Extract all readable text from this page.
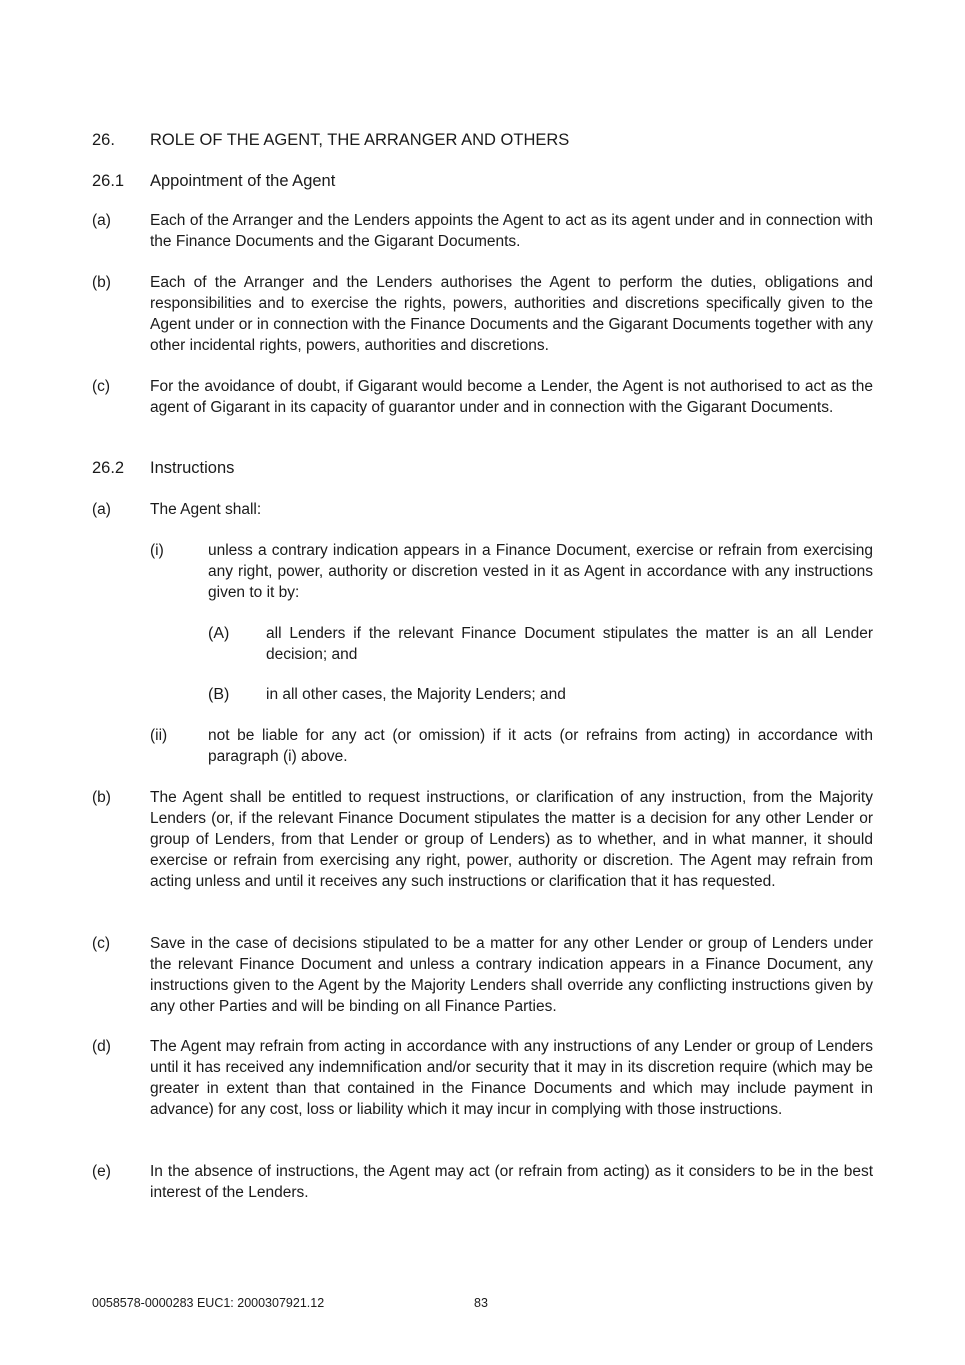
26. ROLE OF THE AGENT, THE ARRANGER AND OTHERS
26.1 Appointment of the Agent
(a)	Each of the Arranger and the Lenders appoints the Agent to act as its agent under and in connection with the Finance Documents and the Gigarant Documents.
(b)	Each of the Arranger and the Lenders authorises the Agent to perform the duties, obligations and responsibilities and to exercise the rights, powers, authorities and discretions specifically given to the Agent under or in connection with the Finance Documents and the Gigarant Documents together with any other incidental rights, powers, authorities and discretions.
(c)	For the avoidance of doubt, if Gigarant would become a Lender, the Agent is not authorised to act as the agent of Gigarant in its capacity of guarantor under and in connection with the Gigarant Documents.
26.2 Instructions
(a)	The Agent shall:
(i)	unless a contrary indication appears in a Finance Document, exercise or refrain from exercising any right, power, authority or discretion vested in it as Agent in accordance with any instructions given to it by:
(A) all Lenders if the relevant Finance Document stipulates the matter is an all Lender decision; and
(B) in all other cases, the Majority Lenders; and
(ii)	not be liable for any act (or omission) if it acts (or refrains from acting) in accordance with paragraph (i) above.
(b)	The Agent shall be entitled to request instructions, or clarification of any instruction, from the Majority Lenders (or, if the relevant Finance Document stipulates the matter is a decision for any other Lender or group of Lenders, from that Lender or group of Lenders) as to whether, and in what manner, it should exercise or refrain from exercising any right, power, authority or discretion. The Agent may refrain from acting unless and until it receives any such instructions or clarification that it has requested.
(c)	Save in the case of decisions stipulated to be a matter for any other Lender or group of Lenders under the relevant Finance Document and unless a contrary indication appears in a Finance Document, any instructions given to the Agent by the Majority Lenders shall override any conflicting instructions given by any other Parties and will be binding on all Finance Parties.
(d)	The Agent may refrain from acting in accordance with any instructions of any Lender or group of Lenders until it has received any indemnification and/or security that it may in its discretion require (which may be greater in extent than that contained in the Finance Documents and which may include payment in advance) for any cost, loss or liability which it may incur in complying with those instructions.
(e)	In the absence of instructions, the Agent may act (or refrain from acting) as it considers to be in the best interest of the Lenders.
0058578-0000283 EUC1: 2000307921.12	83
